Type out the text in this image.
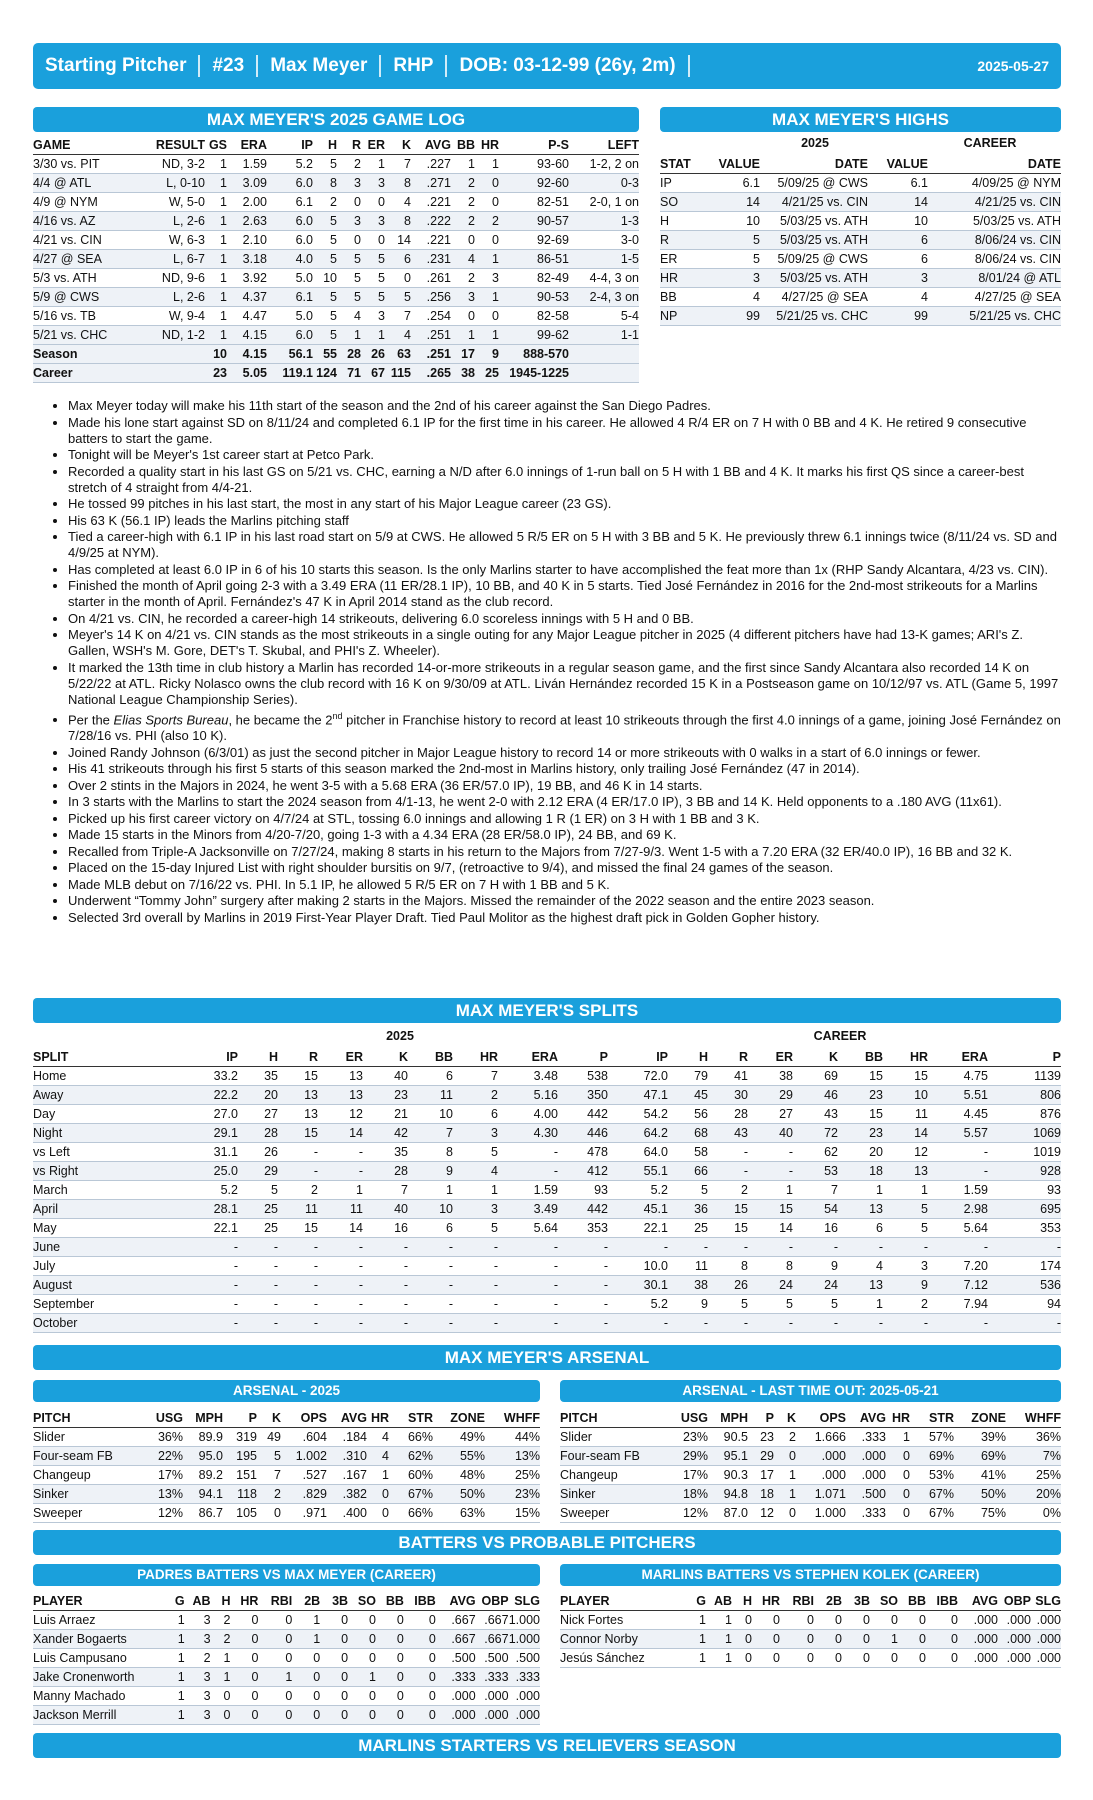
Starting Pitcher	#23	Max Meyer	RHP	DOB: 03-12-99 (26y, 2m)	2025-05-27
MAX MEYER'S 2025 GAME LOG
GAME	RESULT	GS	ERA	IP	H	R	ER	K	AVG	BB	HR	P-S	LEFT
3/30 vs. PIT	ND, 3-2	1	1.59	5.2	5	2	1	7	.227	1	1	93-60	1-2, 2 on
4/4 @ ATL	L, 0-10	1	3.09	6.0	8	3	3	8	.271	2	0	92-60	0-3
4/9 @ NYM	W, 5-0	1	2.00	6.1	2	0	0	4	.221	2	0	82-51	2-0, 1 on
4/16 vs. AZ	L, 2-6	1	2.63	6.0	5	3	3	8	.222	2	2	90-57	1-3
4/21 vs. CIN	W, 6-3	1	2.10	6.0	5	0	0	14	.221	0	0	92-69	3-0
4/27 @ SEA	L, 6-7	1	3.18	4.0	5	5	5	6	.231	4	1	86-51	1-5
5/3 vs. ATH	ND, 9-6	1	3.92	5.0	10	5	5	0	.261	2	3	82-49	4-4, 3 on
5/9 @ CWS	L, 2-6	1	4.37	6.1	5	5	5	5	.256	3	1	90-53	2-4, 3 on
5/16 vs. TB	W, 9-4	1	4.47	5.0	5	4	3	7	.254	0	0	82-58	5-4
5/21 vs. CHC	ND, 1-2	1	4.15	6.0	5	1	1	4	.251	1	1	99-62	1-1
Season		10	4.15	56.1	55	28	26	63	.251	17	9	888-570	
Career		23	5.05	119.1	124	71	67	115	.265	38	25	1945-1225	
MAX MEYER'S HIGHS
2025	CAREER
STAT	VALUE	DATE	VALUE	DATE
IP	6.1	5/09/25 @ CWS	6.1	4/09/25 @ NYM
SO	14	4/21/25 vs. CIN	14	4/21/25 vs. CIN
H	10	5/03/25 vs. ATH	10	5/03/25 vs. ATH
R	5	5/03/25 vs. ATH	6	8/06/24 vs. CIN
ER	5	5/09/25 @ CWS	6	8/06/24 vs. CIN
HR	3	5/03/25 vs. ATH	3	8/01/24 @ ATL
BB	4	4/27/25 @ SEA	4	4/27/25 @ SEA
NP	99	5/21/25 vs. CHC	99	5/21/25 vs. CHC
• Max Meyer today will make his 11th start of the season and the 2nd of his career against the San Diego Padres.
• Made his lone start against SD on 8/11/24 and completed 6.1 IP for the first time in his career. He allowed 4 R/4 ER on 7 H with 0 BB and 4 K. He retired 9 consecutive batters to start the game.
• Tonight will be Meyer's 1st career start at Petco Park.
• Recorded a quality start in his last GS on 5/21 vs. CHC, earning a N/D after 6.0 innings of 1-run ball on 5 H with 1 BB and 4 K. It marks his first QS since a career-best stretch of 4 straight from 4/4-21.
• He tossed 99 pitches in his last start, the most in any start of his Major League career (23 GS).
• His 63 K (56.1 IP) leads the Marlins pitching staff
• Tied a career-high with 6.1 IP in his last road start on 5/9 at CWS. He allowed 5 R/5 ER on 5 H with 3 BB and 5 K. He previously threw 6.1 innings twice (8/11/24 vs. SD and 4/9/25 at NYM).
• Has completed at least 6.0 IP in 6 of his 10 starts this season. Is the only Marlins starter to have accomplished the feat more than 1x (RHP Sandy Alcantara, 4/23 vs. CIN).
• Finished the month of April going 2-3 with a 3.49 ERA (11 ER/28.1 IP), 10 BB, and 40 K in 5 starts. Tied José Fernández in 2016 for the 2nd-most strikeouts for a Marlins starter in the month of April. Fernández's 47 K in April 2014 stand as the club record.
• On 4/21 vs. CIN, he recorded a career-high 14 strikeouts, delivering 6.0 scoreless innings with 5 H and 0 BB.
• Meyer's 14 K on 4/21 vs. CIN stands as the most strikeouts in a single outing for any Major League pitcher in 2025 (4 different pitchers have had 13-K games; ARI's Z. Gallen, WSH's M. Gore, DET's T. Skubal, and PHI's Z. Wheeler).
• It marked the 13th time in club history a Marlin has recorded 14-or-more strikeouts in a regular season game, and the first since Sandy Alcantara also recorded 14 K on 5/22/22 at ATL. Ricky Nolasco owns the club record with 16 K on 9/30/09 at ATL. Liván Hernández recorded 15 K in a Postseason game on 10/12/97 vs. ATL (Game 5, 1997 National League Championship Series).
• Per the Elias Sports Bureau, he became the 2nd pitcher in Franchise history to record at least 10 strikeouts through the first 4.0 innings of a game, joining José Fernández on 7/28/16 vs. PHI (also 10 K).
• Joined Randy Johnson (6/3/01) as just the second pitcher in Major League history to record 14 or more strikeouts with 0 walks in a start of 6.0 innings or fewer.
• His 41 strikeouts through his first 5 starts of this season marked the 2nd-most in Marlins history, only trailing José Fernández (47 in 2014).
• Over 2 stints in the Majors in 2024, he went 3-5 with a 5.68 ERA (36 ER/57.0 IP), 19 BB, and 46 K in 14 starts.
• In 3 starts with the Marlins to start the 2024 season from 4/1-13, he went 2-0 with 2.12 ERA (4 ER/17.0 IP), 3 BB and 14 K. Held opponents to a .180 AVG (11x61).
• Picked up his first career victory on 4/7/24 at STL, tossing 6.0 innings and allowing 1 R (1 ER) on 3 H with 1 BB and 3 K.
• Made 15 starts in the Minors from 4/20-7/20, going 1-3 with a 4.34 ERA (28 ER/58.0 IP), 24 BB, and 69 K.
• Recalled from Triple-A Jacksonville on 7/27/24, making 8 starts in his return to the Majors from 7/27-9/3. Went 1-5 with a 7.20 ERA (32 ER/40.0 IP), 16 BB and 32 K.
• Placed on the 15-day Injured List with right shoulder bursitis on 9/7, (retroactive to 9/4), and missed the final 24 games of the season.
• Made MLB debut on 7/16/22 vs. PHI. In 5.1 IP, he allowed 5 R/5 ER on 7 H with 1 BB and 5 K.
• Underwent “Tommy John” surgery after making 2 starts in the Majors. Missed the remainder of the 2022 season and the entire 2023 season.
• Selected 3rd overall by Marlins in 2019 First-Year Player Draft. Tied Paul Molitor as the highest draft pick in Golden Gopher history.
MAX MEYER'S SPLITS
2025	CAREER
SPLIT	IP	H	R	ER	K	BB	HR	ERA	P	IP	H	R	ER	K	BB	HR	ERA	P
Home	33.2	35	15	13	40	6	7	3.48	538	72.0	79	41	38	69	15	15	4.75	1139
Away	22.2	20	13	13	23	11	2	5.16	350	47.1	45	30	29	46	23	10	5.51	806
Day	27.0	27	13	12	21	10	6	4.00	442	54.2	56	28	27	43	15	11	4.45	876
Night	29.1	28	15	14	42	7	3	4.30	446	64.2	68	43	40	72	23	14	5.57	1069
vs Left	31.1	26	-	-	35	8	5	-	478	64.0	58	-	-	62	20	12	-	1019
vs Right	25.0	29	-	-	28	9	4	-	412	55.1	66	-	-	53	18	13	-	928
March	5.2	5	2	1	7	1	1	1.59	93	5.2	5	2	1	7	1	1	1.59	93
April	28.1	25	11	11	40	10	3	3.49	442	45.1	36	15	15	54	13	5	2.98	695
May	22.1	25	15	14	16	6	5	5.64	353	22.1	25	15	14	16	6	5	5.64	353
June	-	-	-	-	-	-	-	-	-	-	-	-	-	-	-	-	-	-
July	-	-	-	-	-	-	-	-	-	10.0	11	8	8	9	4	3	7.20	174
August	-	-	-	-	-	-	-	-	-	30.1	38	26	24	24	13	9	7.12	536
September	-	-	-	-	-	-	-	-	-	5.2	9	5	5	5	1	2	7.94	94
October	-	-	-	-	-	-	-	-	-	-	-	-	-	-	-	-	-	-
MAX MEYER'S ARSENAL
ARSENAL - 2025	ARSENAL - LAST TIME OUT: 2025-05-21
PITCH	USG	MPH	P	K	OPS	AVG	HR	STR	ZONE	WHFF
Slider	36%	89.9	319	49	.604	.184	4	66%	49%	44%
Four-seam FB	22%	95.0	195	5	1.002	.310	4	62%	55%	13%
Changeup	17%	89.2	151	7	.527	.167	1	60%	48%	25%
Sinker	13%	94.1	118	2	.829	.382	0	67%	50%	23%
Sweeper	12%	86.7	105	0	.971	.400	0	66%	63%	15%
PITCH	USG	MPH	P	K	OPS	AVG	HR	STR	ZONE	WHFF
Slider	23%	90.5	23	2	1.666	.333	1	57%	39%	36%
Four-seam FB	29%	95.1	29	0	.000	.000	0	69%	69%	7%
Changeup	17%	90.3	17	1	.000	.000	0	53%	41%	25%
Sinker	18%	94.8	18	1	1.071	.500	0	67%	50%	20%
Sweeper	12%	87.0	12	0	1.000	.333	0	67%	75%	0%
BATTERS VS PROBABLE PITCHERS
PADRES BATTERS VS MAX MEYER (CAREER)	MARLINS BATTERS VS STEPHEN KOLEK (CAREER)
PLAYER	G	AB	H	HR	RBI	2B	3B	SO	BB	IBB	AVG	OBP	SLG
Luis Arraez	1	3	2	0	0	1	0	0	0	0	.667	.667	1.000
Xander Bogaerts	1	3	2	0	0	1	0	0	0	0	.667	.667	1.000
Luis Campusano	1	2	1	0	0	0	0	0	0	0	.500	.500	.500
Jake Cronenworth	1	3	1	0	1	0	0	1	0	0	.333	.333	.333
Manny Machado	1	3	0	0	0	0	0	0	0	0	.000	.000	.000
Jackson Merrill	1	3	0	0	0	0	0	0	0	0	.000	.000	.000
PLAYER	G	AB	H	HR	RBI	2B	3B	SO	BB	IBB	AVG	OBP	SLG
Nick Fortes	1	1	0	0	0	0	0	0	0	0	.000	.000	.000
Connor Norby	1	1	0	0	0	0	0	1	0	0	.000	.000	.000
Jesús Sánchez	1	1	0	0	0	0	0	0	0	0	.000	.000	.000
MARLINS STARTERS VS RELIEVERS SEASON
